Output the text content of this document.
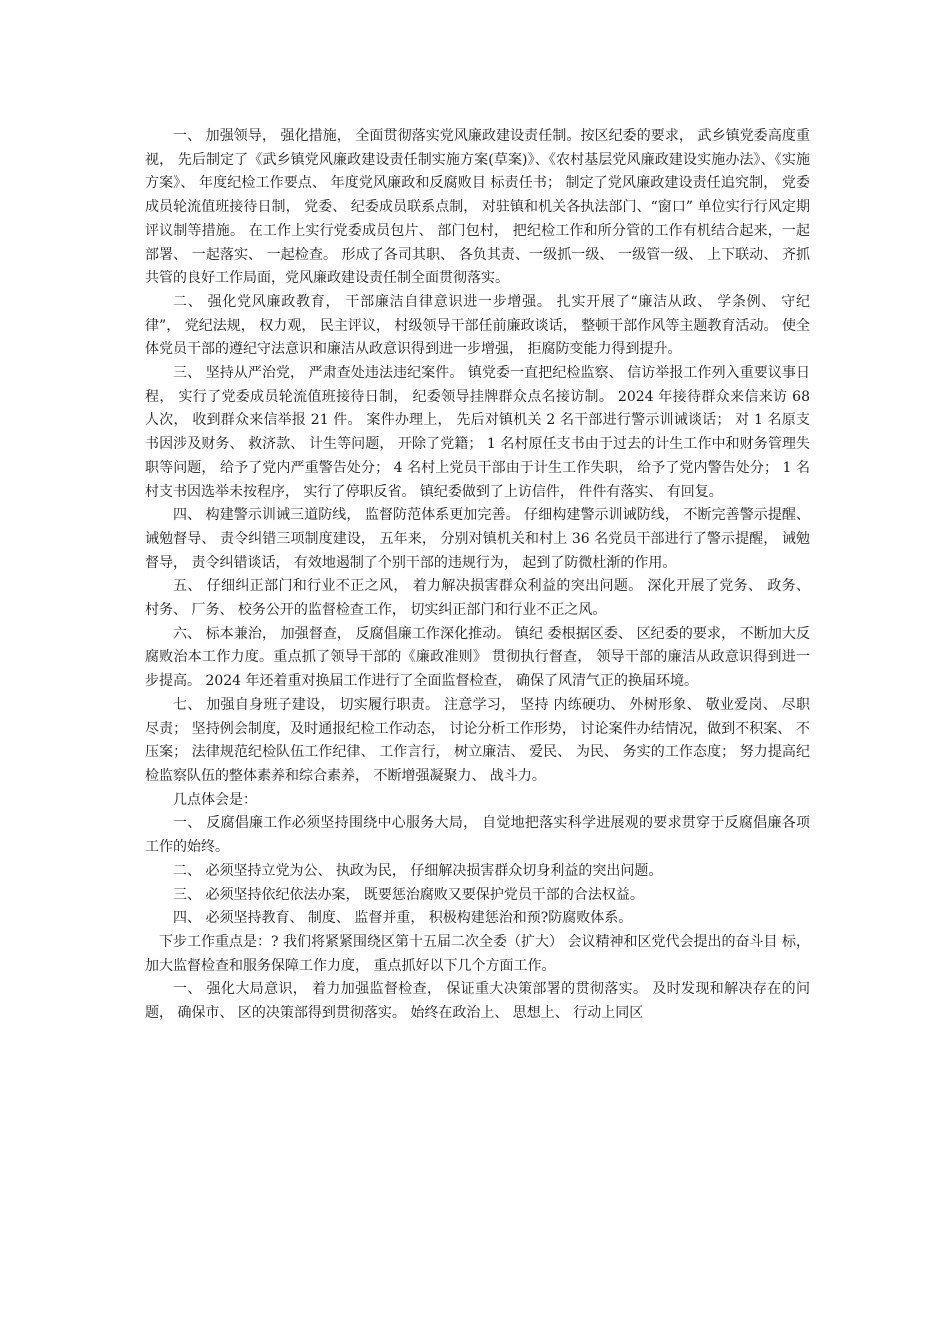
一、 加强领导， 强化措施， 全面贯彻落实党风廉政建设责任制。按区纪委的要求， 武乡镇党委高度重视， 先后制定了《武乡镇党风廉政建设责任制实施方案(草案)》、《农村基层党风廉政建设实施办法》、《实施方案》、 年度纪检工作要点、 年度党风廉政和反腐败目 标责任书； 制定了党风廉政建设责任追究制， 党委成员轮流值班接待日制， 党委、 纪委成员联系点制， 对驻镇和机关各执法部门、“窗口” 单位实行行风定期评议制等措施。 在工作上实行党委成员包片、 部门包村， 把纪检工作和所分管的工作有机结合起来，一起部署、 一起落实、 一起检查。 形成了各司其职、 各负其责、一级抓一级、 一级管一级、 上下联动、 齐抓共管的良好工作局面，党风廉政建设责任制全面贯彻落实。

二、 强化党风廉政教育， 干部廉洁自律意识进一步增强。 扎实开展了“廉洁从政、 学条例、 守纪律”， 党纪法规， 权力观， 民主评议， 村级领导干部任前廉政谈话， 整顿干部作风等主题教育活动。 使全体党员干部的遵纪守法意识和廉洁从政意识得到进一步增强， 拒腐防变能力得到提升。

三、 坚持从严治党， 严肃查处违法违纪案件。 镇党委一直把纪检监察、 信访举报工作列入重要议事日程， 实行了党委成员轮流值班接待日制， 纪委领导挂牌群众点名接访制。 2024 年接待群众来信来访 68 人次， 收到群众来信举报 21 件。 案件办理上， 先后对镇机关 2 名干部进行警示训诫谈话； 对 1 名原支书因涉及财务、 救济款、 计生等问题， 开除了党籍； 1 名村原任支书由于过去的计生工作中和财务管理失职等问题， 给予了党内严重警告处分； 4 名村上党员干部由于计生工作失职， 给予了党内警告处分； 1 名村支书因选举未按程序， 实行了停职反省。 镇纪委做到了上访信件， 件件有落实、 有回复。

四、 构建警示训诫三道防线， 监督防范体系更加完善。 仔细构建警示训诫防线， 不断完善警示提醒、 诫勉督导、 责令纠错三项制度建设， 五年来， 分别对镇机关和村上 36 名党员干部进行了警示提醒， 诫勉督导， 责令纠错谈话， 有效地遏制了个别干部的违规行为， 起到了防微杜渐的作用。

五、 仔细纠正部门和行业不正之风， 着力解决损害群众利益的突出问题。 深化开展了党务、 政务、 村务、 厂务、 校务公开的监督检查工作， 切实纠正部门和行业不正之风。

六、 标本兼治， 加强督查， 反腐倡廉工作深化推动。 镇纪 委根据区委、 区纪委的要求， 不断加大反腐败治本工作力度。重点抓了领导干部的《廉政准则》 贯彻执行督查， 领导干部的廉洁从政意识得到进一步提高。 2024 年还着重对换届工作进行了全面监督检查， 确保了风清气正的换届环境。

七、 加强自身班子建设， 切实履行职责。 注意学习， 坚持 内练硬功、 外树形象、 敬业爱岗、 尽职尽责； 坚持例会制度，及时通报纪检工作动态， 讨论分析工作形势， 讨论案件办结情况，做到不积案、 不压案； 法律规范纪检队伍工作纪律、 工作言行， 树立廉洁、 爱民、 为民、 务实的工作态度； 努力提高纪检监察队伍的整体素养和综合素养， 不断增强凝聚力、 战斗力。

几点体会是：

一、 反腐倡廉工作必须坚持围绕中心服务大局， 自觉地把落实科学进展观的要求贯穿于反腐倡廉各项工作的始终。

二、 必须坚持立党为公、 执政为民， 仔细解决损害群众切身利益的突出问题。

三、 必须坚持依纪依法办案， 既要惩治腐败又要保护党员干部的合法权益。

四、 必须坚持教育、 制度、 监督并重， 积极构建惩治和预?防腐败体系。

下步工作重点是：? 我们将紧紧围绕区第十五届二次全委（扩大） 会议精神和区党代会提出的奋斗目 标， 加大监督检查和服务保障工作力度， 重点抓好以下几个方面工作。

一、 强化大局意识， 着力加强监督检查， 保证重大决策部署的贯彻落实。 及时发现和解决存在的问题， 确保市、 区的决策部得到贯彻落实。 始终在政治上、 思想上、 行动上同区
